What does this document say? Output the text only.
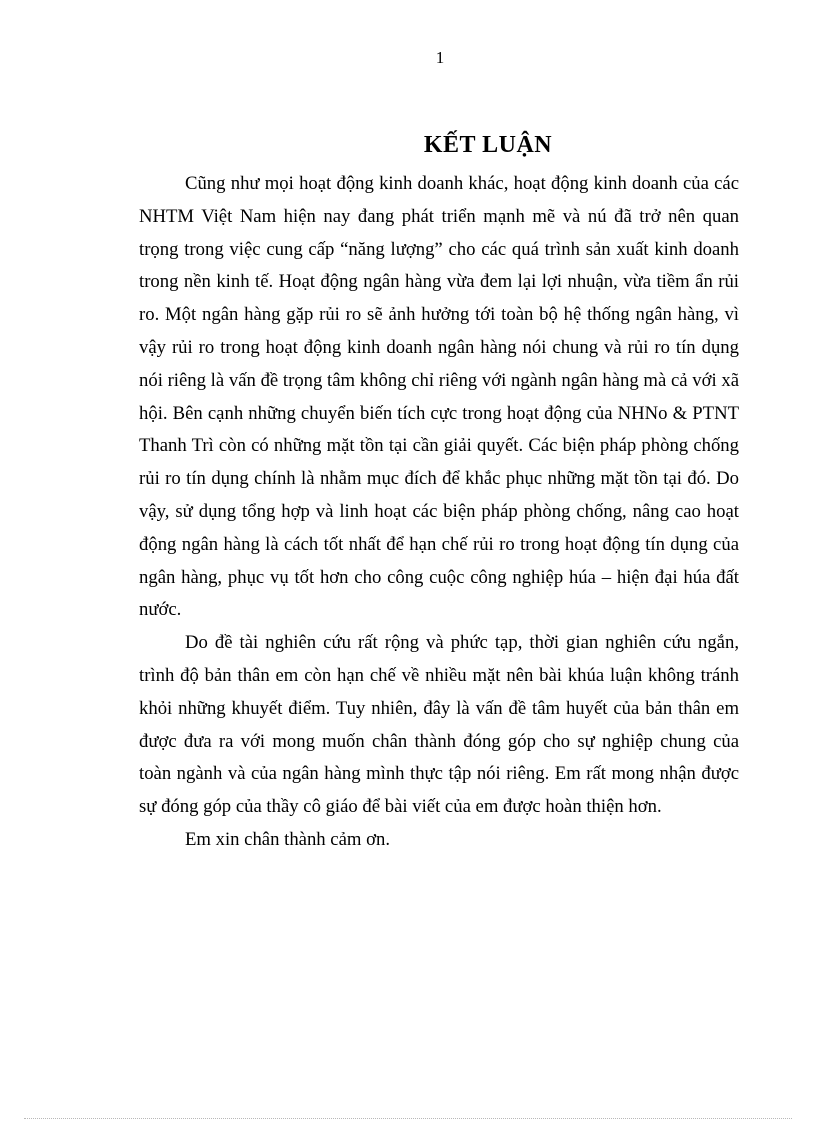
1
KẾT LUẬN

Cũng như mọi hoạt động kinh doanh khác, hoạt động kinh doanh của các NHTM Việt Nam hiện nay đang phát triển mạnh mẽ và nú đã trở nên quan trọng trong việc cung cấp “năng lượng” cho các quá trình sản xuất kinh doanh trong nền kinh tế. Hoạt động ngân hàng vừa đem lại lợi nhuận, vừa tiềm ẩn rủi ro. Một ngân hàng gặp rủi ro sẽ ảnh hưởng tới toàn bộ hệ thống ngân hàng, vì vậy rủi ro trong hoạt động kinh doanh ngân hàng nói chung và rủi ro tín dụng nói riêng là vấn đề trọng tâm không chỉ riêng với ngành ngân hàng mà cả với xã hội. Bên cạnh những chuyển biến tích cực trong hoạt động của NHNo & PTNT Thanh Trì còn có những mặt tồn tại cần giải quyết. Các biện pháp phòng chống rủi ro tín dụng chính là nhằm mục đích để khắc phục những mặt tồn tại đó. Do vậy, sử dụng tổng hợp và linh hoạt các biện pháp phòng chống, nâng cao hoạt động ngân hàng là cách tốt nhất để hạn chế rủi ro trong hoạt động tín dụng của ngân hàng, phục vụ tốt hơn cho công cuộc công nghiệp húa – hiện đại húa đất nước.

Do đề tài nghiên cứu rất rộng và phức tạp, thời gian nghiên cứu ngắn, trình độ bản thân em còn hạn chế về nhiều mặt nên bài khúa luận không tránh khỏi những khuyết điểm. Tuy nhiên, đây là vấn đề tâm huyết của bản thân em được đưa ra với mong muốn chân thành đóng góp cho sự nghiệp chung của toàn ngành và của ngân hàng mình thực tập nói riêng. Em rất mong nhận được sự đóng góp của thầy cô giáo để bài viết của em được hoàn thiện hơn.

Em xin chân thành cảm ơn.
